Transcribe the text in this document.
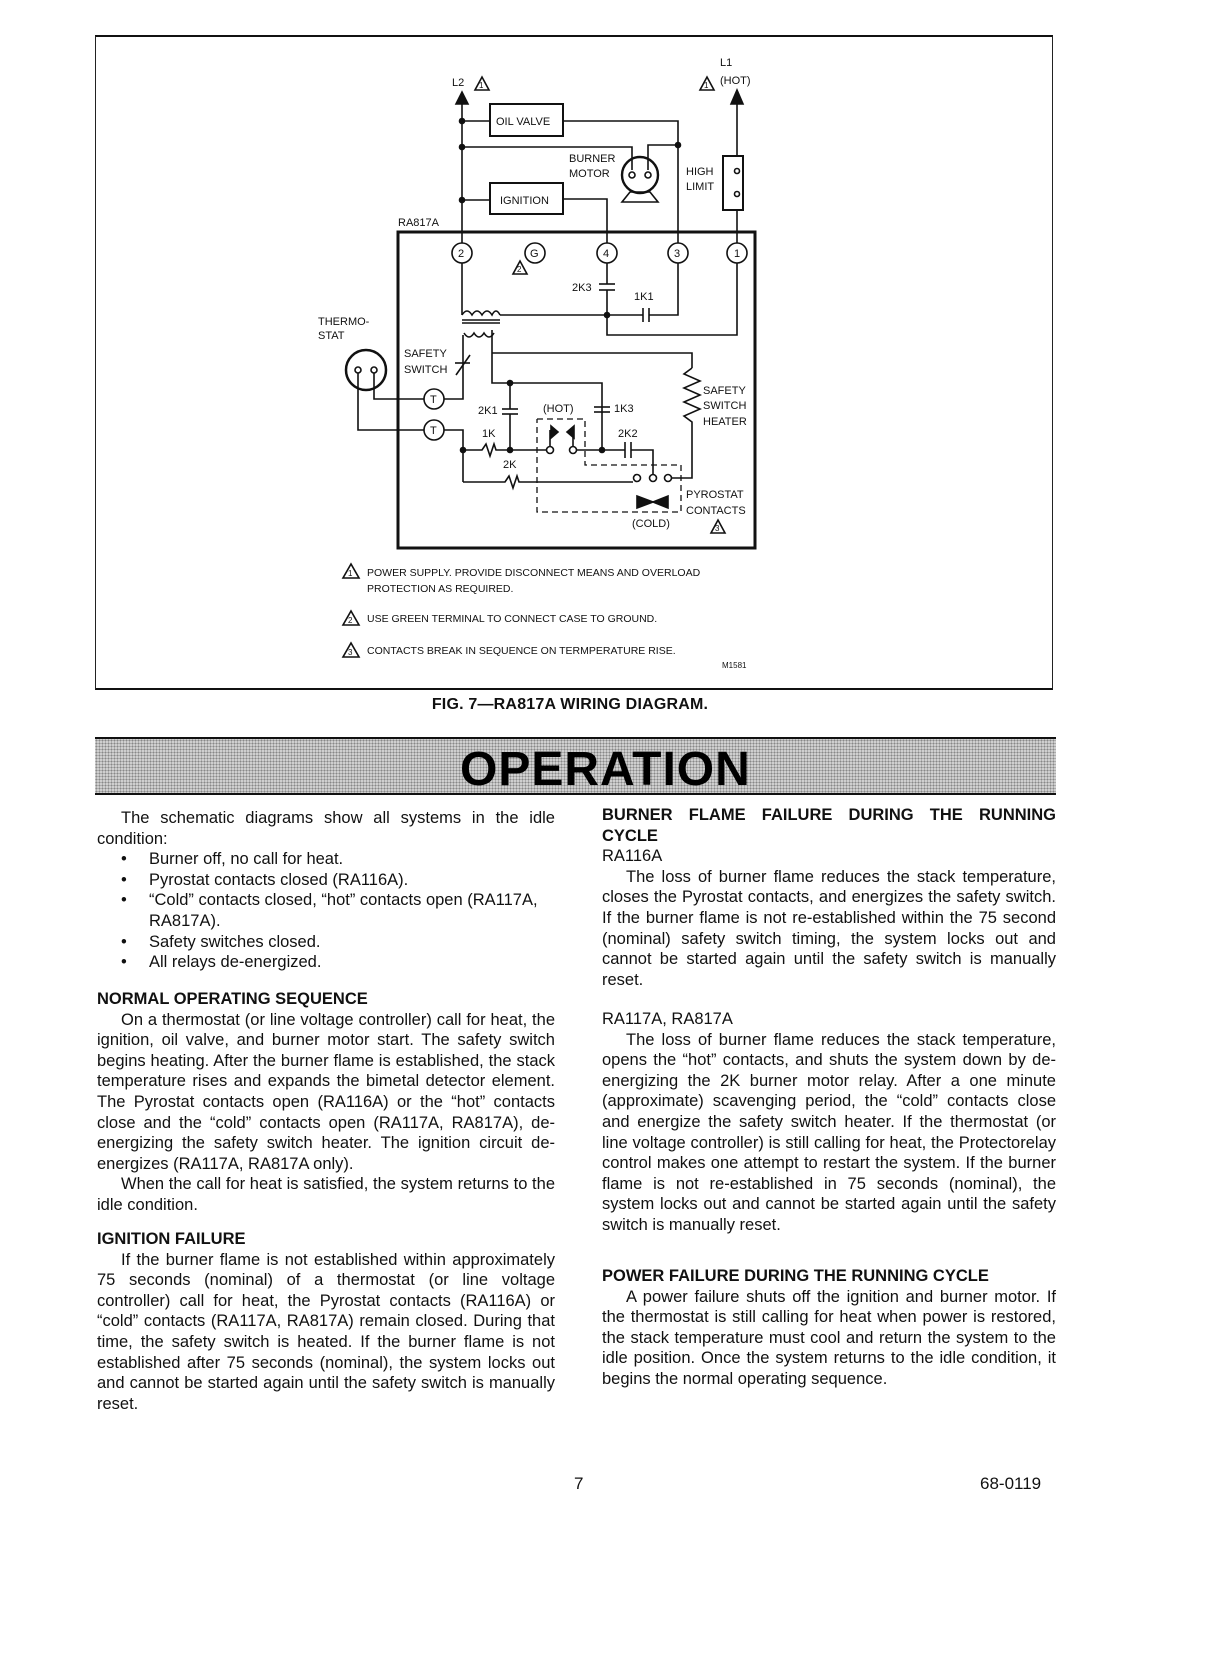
L2 1
OIL VALVE
BURNER
MOTOR
IGNITION
HIGH
LIMIT
L1
(HOT)
1
RA817A
2	G
2
4	3	1
2K3
1K1
THERMO-
STAT
T
T
SAFETY
SWITCH
2K1	1K3
(HOT)
1K	2K2
2K
SAFETY
SWITCH
HEATER
PYROSTAT
CONTACTS
(COLD)	3
1 POWER SUPPLY. PROVIDE DISCONNECT MEANS AND OVERLOAD
PROTECTION AS REQUIRED.
2 USE GREEN TERMINAL TO CONNECT CASE TO GROUND.
3 CONTACTS BREAK IN SEQUENCE ON TERMPERATURE RISE.
M1581
FIG. 7—RA817A WIRING DIAGRAM.
OPERATION

The schematic diagrams show all systems in the idle condition:

• Burner off, no call for heat.
• Pyrostat contacts closed (RA116A).
• “Cold” contacts closed, “hot” contacts open (RA117A, RA817A).
• Safety switches closed.
• All relays de-energized.
NORMAL OPERATING SEQUENCE

On a thermostat (or line voltage controller) call for heat, the ignition, oil valve, and burner motor start. The safety switch begins heating. After the burner flame is established, the stack temperature rises and expands the bimetal detector element. The Pyrostat contacts open (RA116A) or the “hot” contacts close and the “cold” contacts open (RA117A, RA817A), de-energizing the safety switch heater. The ignition circuit de-energizes (RA117A, RA817A only).

When the call for heat is satisfied, the system returns to the idle condition.

IGNITION FAILURE

If the burner flame is not established within approximately 75 seconds (nominal) of a thermostat (or line voltage controller) call for heat, the Pyrostat contacts (RA116A) or “cold” contacts (RA117A, RA817A) remain closed. During that time, the safety switch is heated. If the burner flame is not established after 75 seconds (nominal), the system locks out and cannot be started again until the safety switch is manually reset.

BURNER FLAME FAILURE DURING THE RUNNING CYCLE

RA116A

The loss of burner flame reduces the stack temperature, closes the Pyrostat contacts, and energizes the safety switch. If the burner flame is not re-established within the 75 second (nominal) safety switch timing, the system locks out and cannot be started again until the safety switch is manually reset.

RA117A, RA817A

The loss of burner flame reduces the stack temperature, opens the “hot” contacts, and shuts the system down by de-energizing the 2K burner motor relay. After a one minute (approximate) scavenging period, the “cold” contacts close and energize the safety switch heater. If the thermostat (or line voltage controller) is still calling for heat, the Protectorelay control makes one attempt to restart the system. If the burner flame is not re-established in 75 seconds (nominal), the system locks out and cannot be started again until the safety switch is manually reset.

POWER FAILURE DURING THE RUNNING CYCLE

A power failure shuts off the ignition and burner motor. If the thermostat is still calling for heat when power is restored, the stack temperature must cool and return the system to the idle position. Once the system returns to the idle condition, it begins the normal operating sequence.

7	68-0119
